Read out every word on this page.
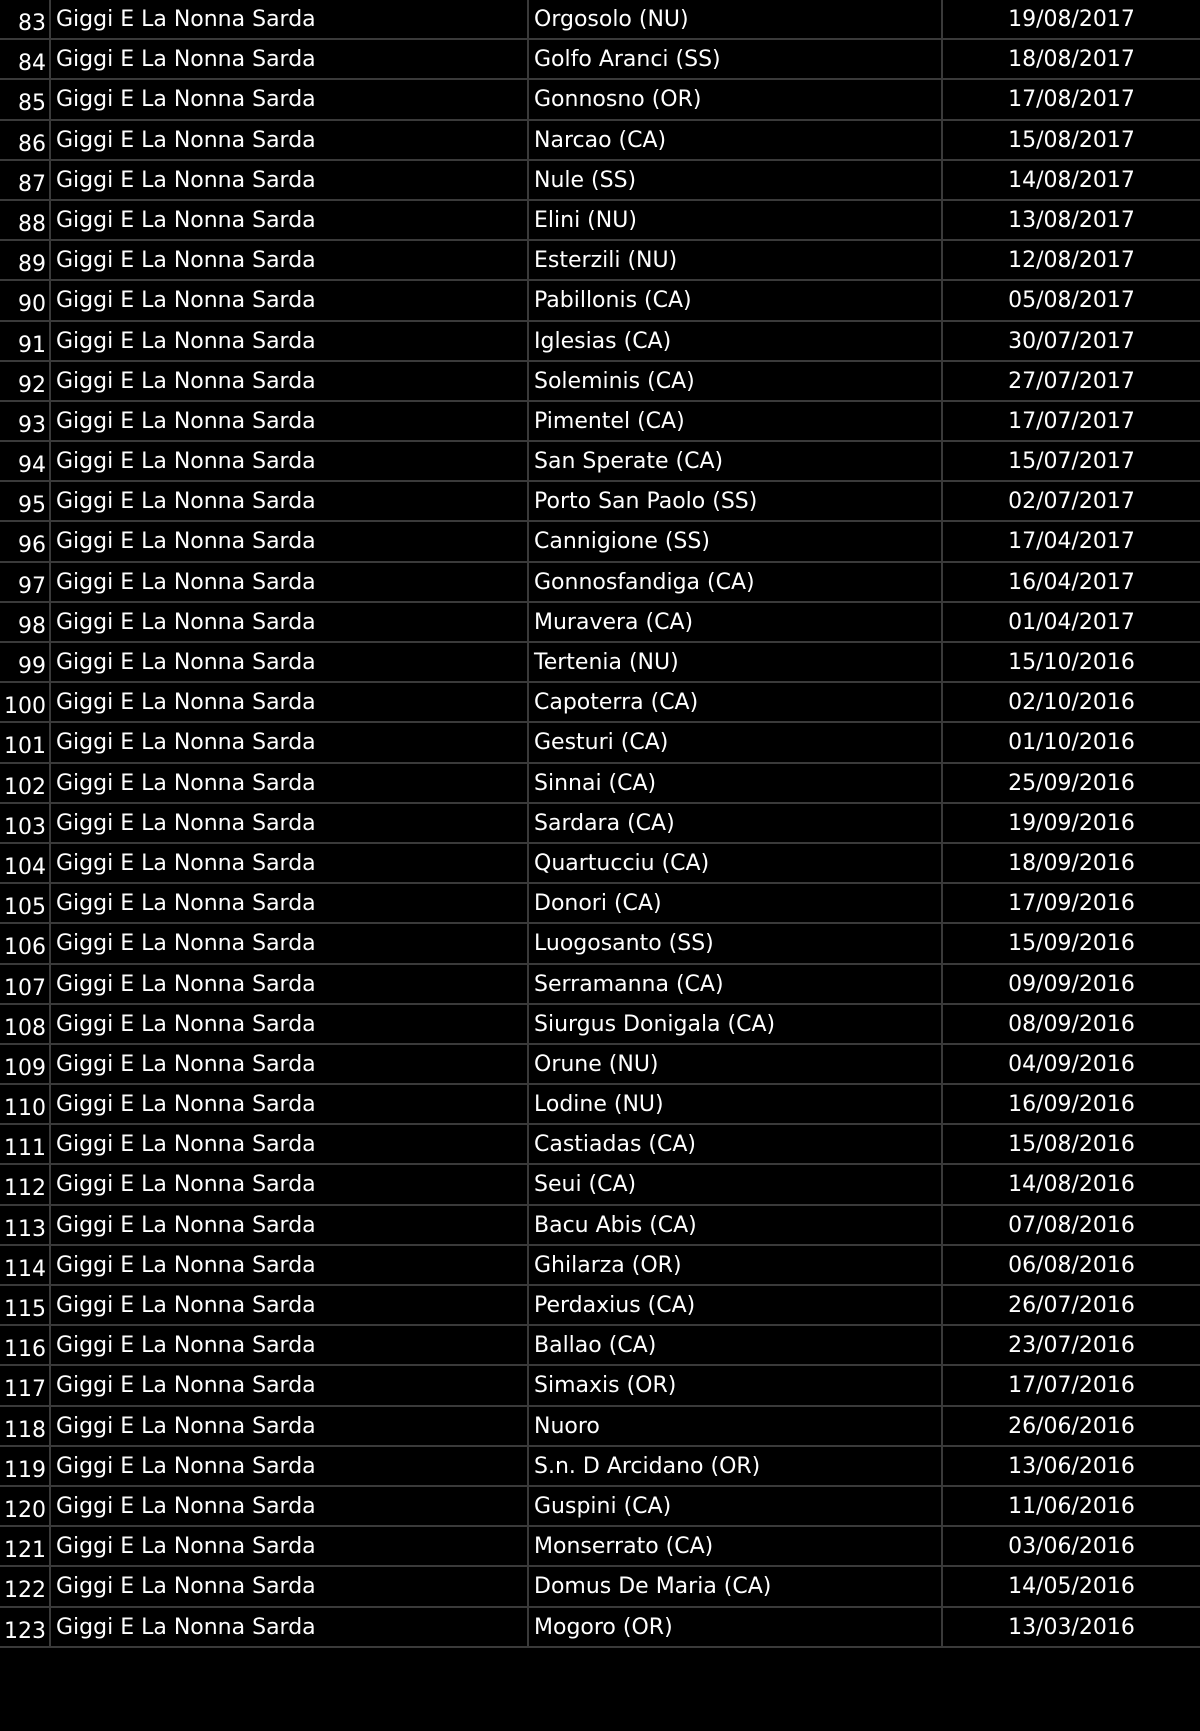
83 Giggi E La Nonna Sarda	Orgosolo (NU)	19/08/2017
84 Giggi E La Nonna Sarda	Golfo Aranci (SS)	18/08/2017
85 Giggi E La Nonna Sarda	Gonnosno (OR)	17/08/2017
86 Giggi E La Nonna Sarda	Narcao (CA)	15/08/2017
87 Giggi E La Nonna Sarda	Nule (SS)	14/08/2017
88 Giggi E La Nonna Sarda	Elini (NU)	13/08/2017
89 Giggi E La Nonna Sarda	Esterzili (NU)	12/08/2017
90 Giggi E La Nonna Sarda	Pabillonis (CA)	05/08/2017
91 Giggi E La Nonna Sarda	Iglesias (CA)	30/07/2017
92 Giggi E La Nonna Sarda	Soleminis (CA)	27/07/2017
93 Giggi E La Nonna Sarda	Pimentel (CA)	17/07/2017
94 Giggi E La Nonna Sarda	San Sperate (CA)	15/07/2017
95 Giggi E La Nonna Sarda	Porto San Paolo (SS)	02/07/2017
96 Giggi E La Nonna Sarda	Cannigione (SS)	17/04/2017
97 Giggi E La Nonna Sarda	Gonnosfandiga (CA)	16/04/2017
98 Giggi E La Nonna Sarda	Muravera (CA)	01/04/2017
99 Giggi E La Nonna Sarda	Tertenia (NU)	15/10/2016
100 Giggi E La Nonna Sarda	Capoterra (CA)	02/10/2016
101 Giggi E La Nonna Sarda	Gesturi (CA)	01/10/2016
102 Giggi E La Nonna Sarda	Sinnai (CA)	25/09/2016
103 Giggi E La Nonna Sarda	Sardara (CA)	19/09/2016
104 Giggi E La Nonna Sarda	Quartucciu (CA)	18/09/2016
105 Giggi E La Nonna Sarda	Donori (CA)	17/09/2016
106 Giggi E La Nonna Sarda	Luogosanto (SS)	15/09/2016
107 Giggi E La Nonna Sarda	Serramanna (CA)	09/09/2016
108 Giggi E La Nonna Sarda	Siurgus Donigala (CA)	08/09/2016
109 Giggi E La Nonna Sarda	Orune (NU)	04/09/2016
110 Giggi E La Nonna Sarda	Lodine (NU)	16/09/2016
111 Giggi E La Nonna Sarda	Castiadas (CA)	15/08/2016
112 Giggi E La Nonna Sarda	Seui (CA)	14/08/2016
113 Giggi E La Nonna Sarda	Bacu Abis (CA)	07/08/2016
114 Giggi E La Nonna Sarda	Ghilarza (OR)	06/08/2016
115 Giggi E La Nonna Sarda	Perdaxius (CA)	26/07/2016
116 Giggi E La Nonna Sarda	Ballao (CA)	23/07/2016
117 Giggi E La Nonna Sarda	Simaxis (OR)	17/07/2016
118 Giggi E La Nonna Sarda	Nuoro	26/06/2016
119 Giggi E La Nonna Sarda	S.n. D Arcidano (OR)	13/06/2016
120 Giggi E La Nonna Sarda	Guspini (CA)	11/06/2016
121 Giggi E La Nonna Sarda	Monserrato (CA)	03/06/2016
122 Giggi E La Nonna Sarda	Domus De Maria (CA)	14/05/2016
123 Giggi E La Nonna Sarda	Mogoro (OR)	13/03/2016
